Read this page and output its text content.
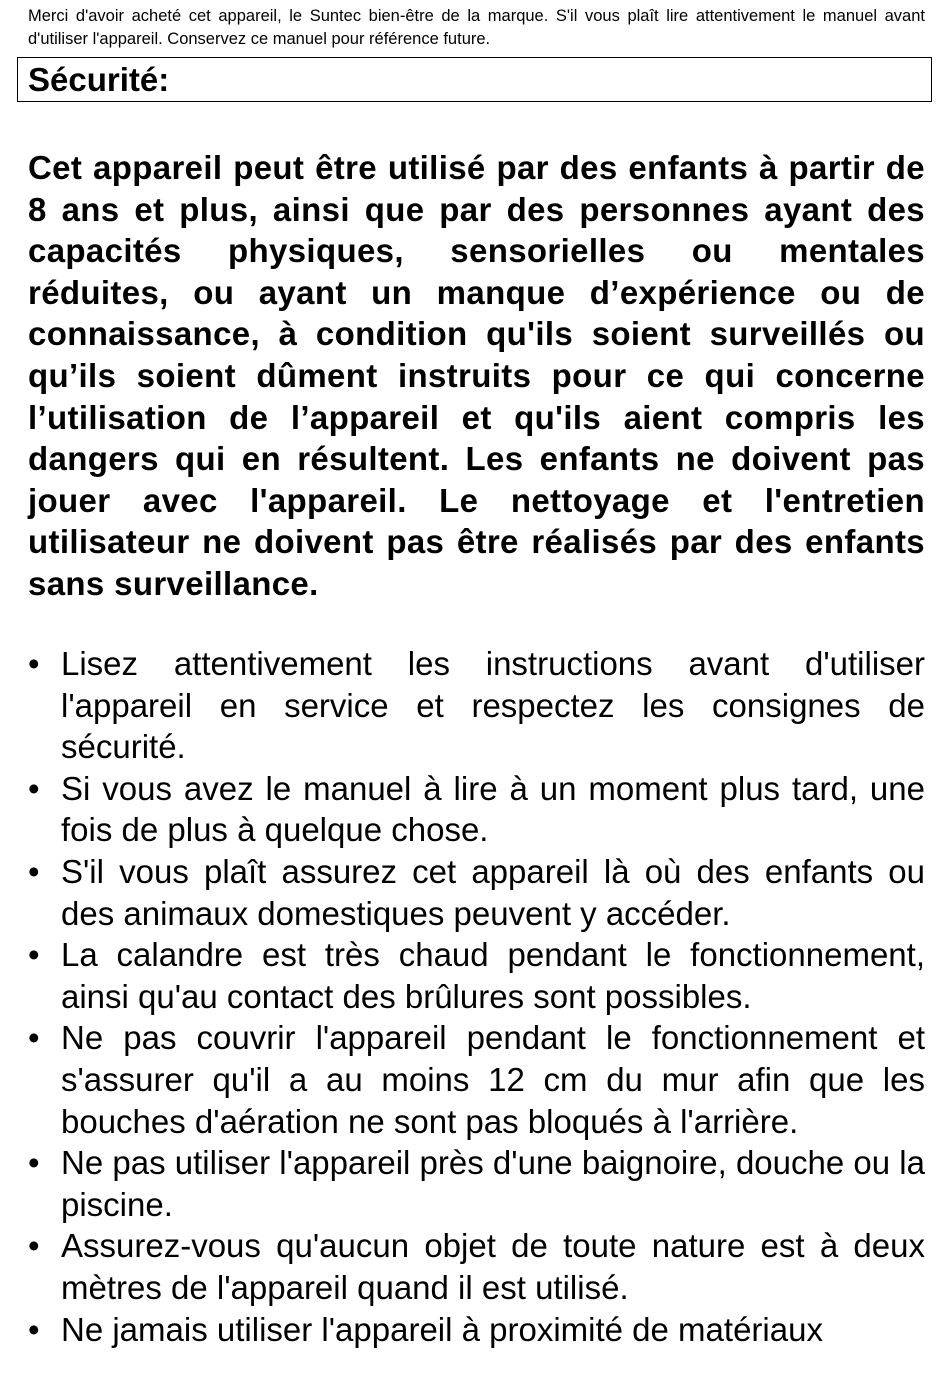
Merci d'avoir acheté cet appareil, le Suntec bien-être de la marque. S'il vous plaît lire attentivement le manuel avant d'utiliser l'appareil. Conservez ce manuel pour référence future.
Sécurité:

Cet appareil peut être utilisé par des enfants à partir de 8 ans et plus, ainsi que par des personnes ayant des capacités physiques, sensorielles ou mentales réduites, ou ayant un manque d’expérience ou de connaissance, à condition qu'ils soient surveillés ou qu’ils soient dûment instruits pour ce qui concerne l’utilisation de l’appareil et qu'ils aient compris les dangers qui en résultent. Les enfants ne doivent pas jouer avec l'appareil. Le nettoyage et l'entretien utilisateur ne doivent pas être réalisés par des enfants sans surveillance.

• Lisez attentivement les instructions avant d'utiliser l'appareil en service et respectez les consignes de sécurité.
• Si vous avez le manuel à lire à un moment plus tard, une fois de plus à quelque chose.
• S'il vous plaît assurez cet appareil là où des enfants ou des animaux domestiques peuvent y accéder.
• La calandre est très chaud pendant le fonctionnement, ainsi qu'au contact des brûlures sont possibles.
• Ne pas couvrir l'appareil pendant le fonctionnement et s'assurer qu'il a au moins 12 cm du mur afin que les bouches d'aération ne sont pas bloqués à l'arrière.
• Ne pas utiliser l'appareil près d'une baignoire, douche ou la piscine.
• Assurez-vous qu'aucun objet de toute nature est à deux mètres de l'appareil quand il est utilisé.
• Ne jamais utiliser l'appareil à proximité de matériaux
